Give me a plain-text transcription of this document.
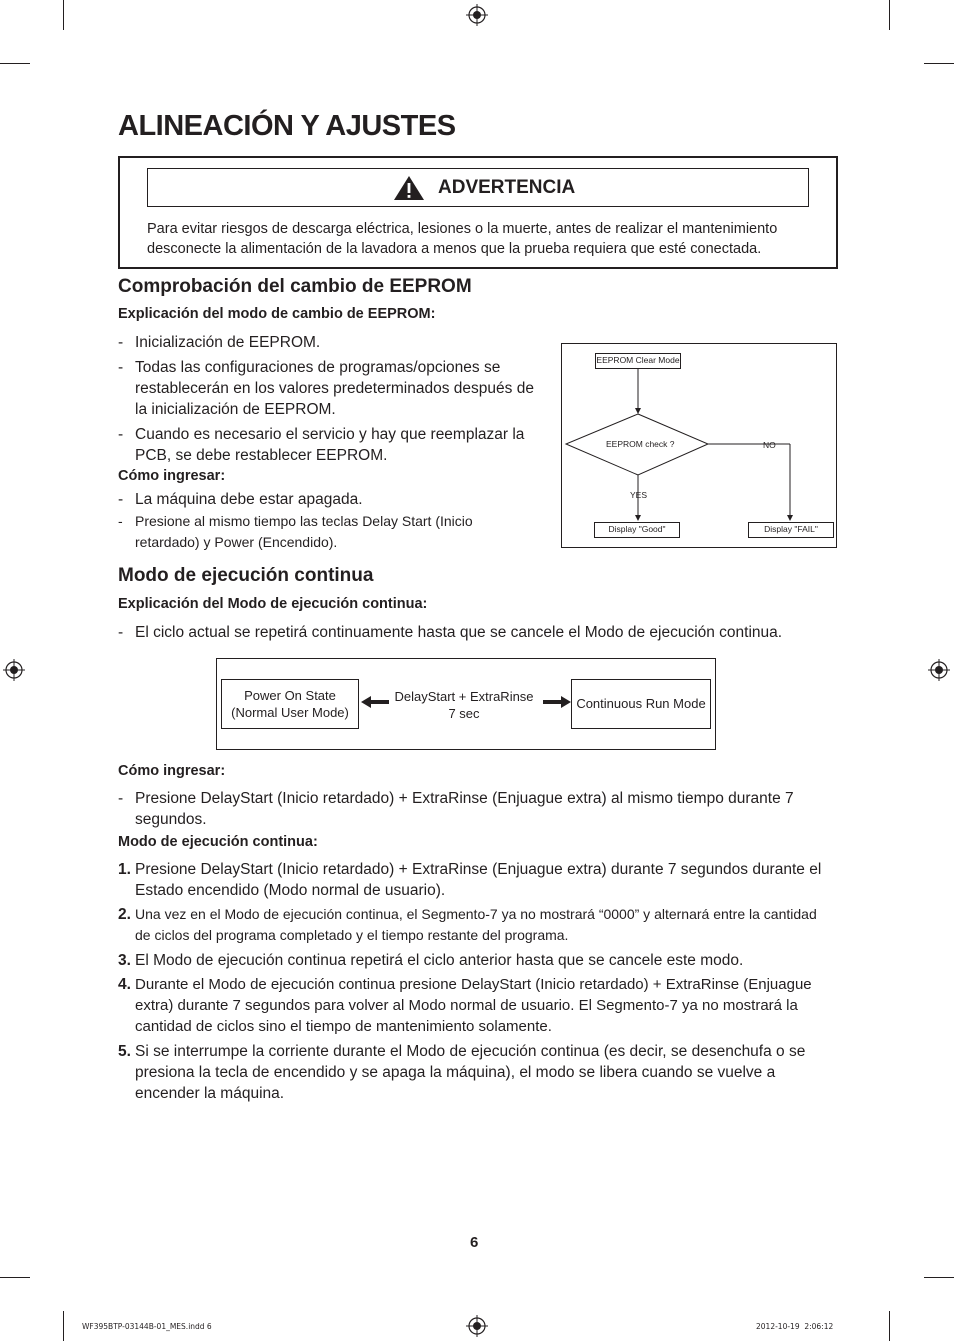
ALINEACIÓN Y AJUSTES
ADVERTENCIA
Para evitar riesgos de descarga eléctrica, lesiones o la muerte, antes de realizar el mantenimiento desconecte la alimentación de la lavadora a menos que la prueba requiera que esté conectada.
Comprobación del cambio de EEPROM
Explicación del modo de cambio de EEPROM:
- Inicialización de EEPROM.
- Todas las configuraciones de programas/opciones se restablecerán en los valores predeterminados después de la inicialización de EEPROM.
- Cuando es necesario el servicio y hay que reemplazar la PCB, se debe restablecer EEPROM.
Cómo ingresar:
- La máquina debe estar apagada.
- Presione al mismo tiempo las teclas Delay Start (Inicio retardado) y Power (Encendido).
EEPROM Clear Mode
EEPROM check ?	NO
YES
Display "Good"	Display "FAIL"
Modo de ejecución continua
Explicación del Modo de ejecución continua:
- El ciclo actual se repetirá continuamente hasta que se cancele el Modo de ejecución continua.
Power On State
(Normal User Mode)
DelayStart + ExtraRinse
7 sec
Continuous Run Mode
Cómo ingresar:
- Presione DelayStart (Inicio retardado) + ExtraRinse (Enjuague extra) al mismo tiempo durante 7 segundos.
Modo de ejecución continua:
1. Presione DelayStart (Inicio retardado) + ExtraRinse (Enjuague extra) durante 7 segundos durante el Estado encendido (Modo normal de usuario).
2. Una vez en el Modo de ejecución continua, el Segmento-7 ya no mostrará “0000” y alternará entre la cantidad de ciclos del programa completado y el tiempo restante del programa.
3. El Modo de ejecución continua repetirá el ciclo anterior hasta que se cancele este modo.
4. Durante el Modo de ejecución continua presione DelayStart (Inicio retardado) + ExtraRinse (Enjuague extra) durante 7 segundos para volver al Modo normal de usuario. El Segmento-7 ya no mostrará la cantidad de ciclos sino el tiempo de mantenimiento solamente.
5. Si se interrumpe la corriente durante el Modo de ejecución continua (es decir, se desenchufa o se presiona la tecla de encendido y se apaga la máquina), el modo se libera cuando se vuelve a encender la máquina.
6
WF395BTP-03144B-01_MES.indd 6	2012-10-19 ￼￼ 2:06:12
